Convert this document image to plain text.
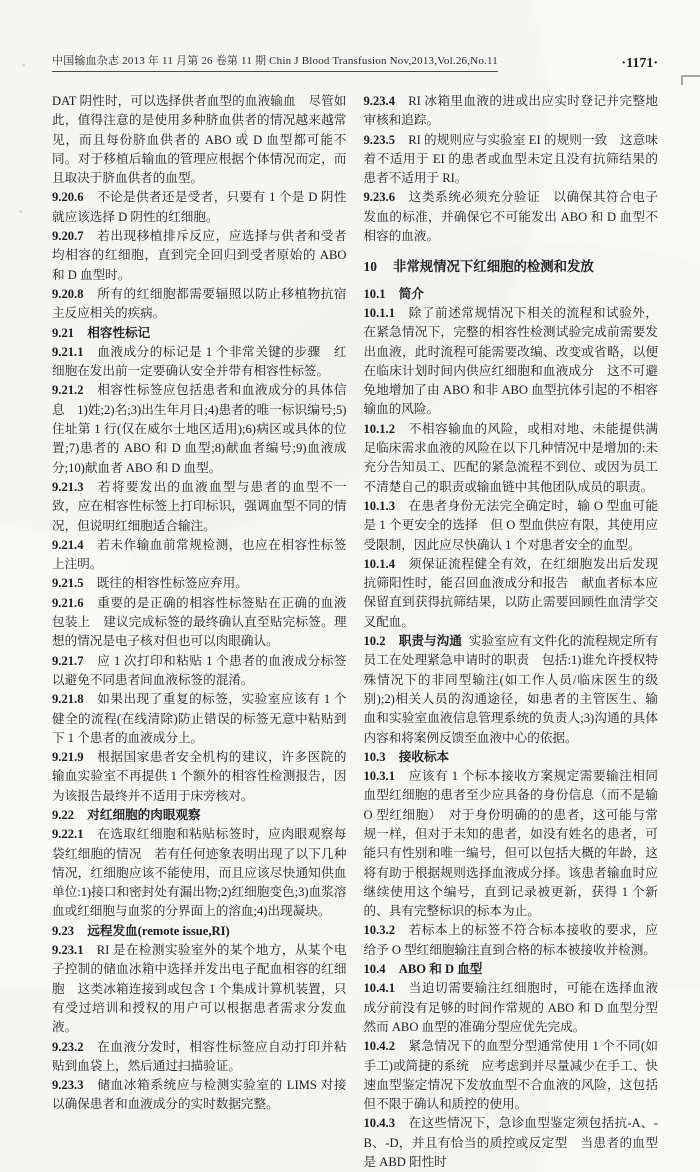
中国输血杂志 2013 年 11 月第 26 卷第 11 期 Chin J Blood Transfusion Nov,2013,Vol.26,No.11	·1171·

DAT 阴性时，可以选择供者血型的血液输血　尽管如此，值得注意的是使用多种脐血供者的情况越来越常见，而且每份脐血供者的 ABO 或 D 血型都可能不同。对于移植后输血的管理应根据个体情况而定，而且取决于脐血供者的血型。

9.20.6 不论是供者还是受者，只要有 1 个是 D 阴性就应该选择 D 阴性的红细胞。

9.20.7 若出现移植排斥反应，应选择与供者和受者均相容的红细胞，直到完全回归到受者原始的 ABO 和 D 血型时。

9.20.8 所有的红细胞都需要辐照以防止移植物抗宿主反应相关的疾病。

9.21 相容性标记

9.21.1 血液成分的标记是 1 个非常关键的步骤　红细胞在发出前一定要确认安全并带有相容性标签。

9.21.2 相容性标签应包括患者和血液成分的具体信息　1)姓;2)名;3)出生年月日;4)患者的唯一标识编号;5)住址第 1 行(仅在威尔士地区适用);6)病区或具体的位置;7)患者的 ABO 和 D 血型;8)献血者编号;9)血液成分;10)献血者 ABO 和 D 血型。

9.21.3 若将要发出的血液血型与患者的血型不一致，应在相容性标签上打印标识，强调血型不同的情况，但说明红细胞适合输注。

9.21.4 若未作输血前常规检测，也应在相容性标签上注明。

9.21.5 既往的相容性标签应弃用。

9.21.6 重要的是正确的相容性标签贴在正确的血液包装上　建议完成标签的最终确认直至贴完标签。理想的情况是电子核对但也可以肉眼确认。

9.21.7 应 1 次打印和粘贴 1 个患者的血液成分标签　以避免不同患者间血液标签的混淆。

9.21.8 如果出现了重复的标签，实验室应该有 1 个健全的流程(在线清除)防止错误的标签无意中粘贴到下 1 个患者的血液成分上。

9.21.9 根据国家患者安全机构的建议，许多医院的输血实验室不再提供 1 个额外的相容性检测报告，因为该报告最终并不适用于床旁核对。

9.22 对红细胞的肉眼观察

9.22.1 在选取红细胞和粘贴标签时，应肉眼观察每袋红细胞的情况　若有任何迹象表明出现了以下几种情况，红细胞应该不能使用，而且应该尽快通知供血单位:1)接口和密封处有漏出物;2)红细胞变色;3)血浆溶血或红细胞与血浆的分界面上的溶血;4)出现凝块。

9.23 远程发血(remote issue,RI)

9.23.1 RI 是在检测实验室外的某个地方，从某个电子控制的储血冰箱中选择并发出电子配血相容的红细胞　这类冰箱连接到或包含 1 个集成计算机装置，只有受过培训和授权的用户可以根据患者需求分发血液。

9.23.2 在血液分发时，相容性标签应自动打印并粘贴到血袋上，然后通过扫描验证。

9.23.3 储血冰箱系统应与检测实验室的 LIMS 对接　以确保患者和血液成分的实时数据完整。

9.23.4 RI 冰箱里血液的进或出应实时登记并完整地审核和追踪。

9.23.5 RI 的规则应与实验室 EI 的规则一致　这意味着不适用于 EI 的患者或血型未定且没有抗筛结果的患者不适用于 RI。

9.23.6 这类系统必须充分验证　以确保其符合电子发血的标准，并确保它不可能发出 ABO 和 D 血型不相容的血液。

10 非常规情况下红细胞的检测和发放

10.1 简介

10.1.1 除了前述常规情况下相关的流程和试验外，在紧急情况下，完整的相容性检测试验完成前需要发出血液，此时流程可能需要改编、改变或省略，以便在临床计划时间内供应红细胞和血液成分　这不可避免地增加了由 ABO 和非 ABO 血型抗体引起的不相容输血的风险。

10.1.2 不相容输血的风险，或相对地、未能提供满足临床需求血液的风险在以下几种情况中是增加的:未充分告知员工、匹配的紧急流程不到位、或因为员工不清楚自己的职责或输血链中其他团队成员的职责。

10.1.3 在患者身份无法完全确定时，输 O 型血可能是 1 个更安全的选择　但 O 型血供应有限，其使用应受限制，因此应尽快确认 1 个对患者安全的血型。

10.1.4 须保证流程健全有效，在红细胞发出后发现抗筛阳性时，能召回血液成分和报告　献血者标本应保留直到获得抗筛结果，以防止需要回顾性血清学交叉配血。

10.2 职责与沟通 实验室应有文件化的流程规定所有员工在处理紧急申请时的职责　包括:1)谁允许授权特殊情况下的非同型输注(如工作人员/临床医生的级别);2)相关人员的沟通途径，如患者的主管医生、输血和实验室血液信息管理系统的负责人;3)沟通的具体内容和将案例反馈至血液中心的依据。

10.3 接收标本

10.3.1 应该有 1 个标本接收方案规定需要输注相同血型红细胞的患者至少应具备的身份信息（而不是输 O 型红细胞）　对于身份明确的的患者，这可能与常规一样，但对于未知的患者，如没有姓名的患者，可能只有性别和唯一编号，但可以包括大概的年龄，这将有助于根据规则选择血液成分择。该患者输血时应继续使用这个编号，直到记录被更新，获得 1 个新的、具有完整标识的标本为止。

10.3.2 若标本上的标签不符合标本接收的要求，应给予 O 型红细胞输注直到合格的标本被接收并检测。

10.4 ABO 和 D 血型

10.4.1 当迫切需要输注红细胞时，可能在选择血液成分前没有足够的时间作常规的 ABO 和 D 血型分型　然而 ABO 血型的准确分型应优先完成。

10.4.2 紧急情况下的血型分型通常使用 1 个不同(如手工)或简捷的系统　应考虑到并尽量减少在手工、快速血型鉴定情况下发放血型不合血液的风险，这包括但不限于确认和质控的使用。

10.4.3 在这些情况下，急诊血型鉴定须包括抗-A、-B、-D，并且有恰当的质控或反定型　当患者的血型是 ABD 阳性时
